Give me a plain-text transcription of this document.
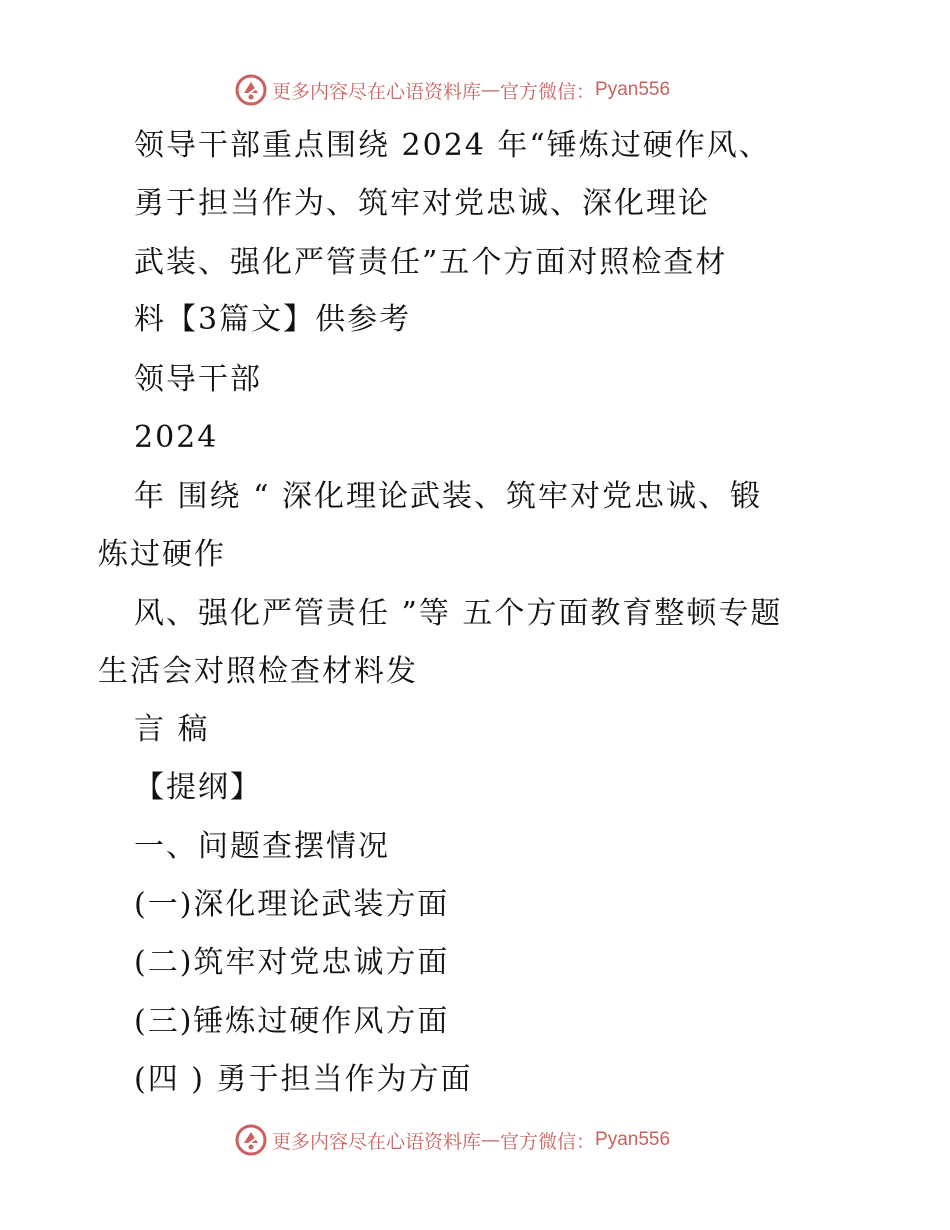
更多内容尽在心语资料库 — 官方微信： Pyan556
领导干部重点围绕 2024 年“锤炼过硬作风、
勇于担当作为、筑牢对党忠诚、深化理论
武装、强化严管责任”五个方面对照检查材
料【3篇文】供参考
领导干部
2024
年 围绕 “ 深化理论武装、筑牢对党忠诚、锻
炼过硬作
风、强化严管责任 ”等 五个方面教育整顿专题
生活会对照检查材料发
言 稿
【提纲】
一、问题查摆情况
(一)深化理论武装方面
(二)筑牢对党忠诚方面
(三)锤炼过硬作风方面
(四 ) 勇于担当作为方面
更多内容尽在心语资料库 — 官方微信： Pyan556
